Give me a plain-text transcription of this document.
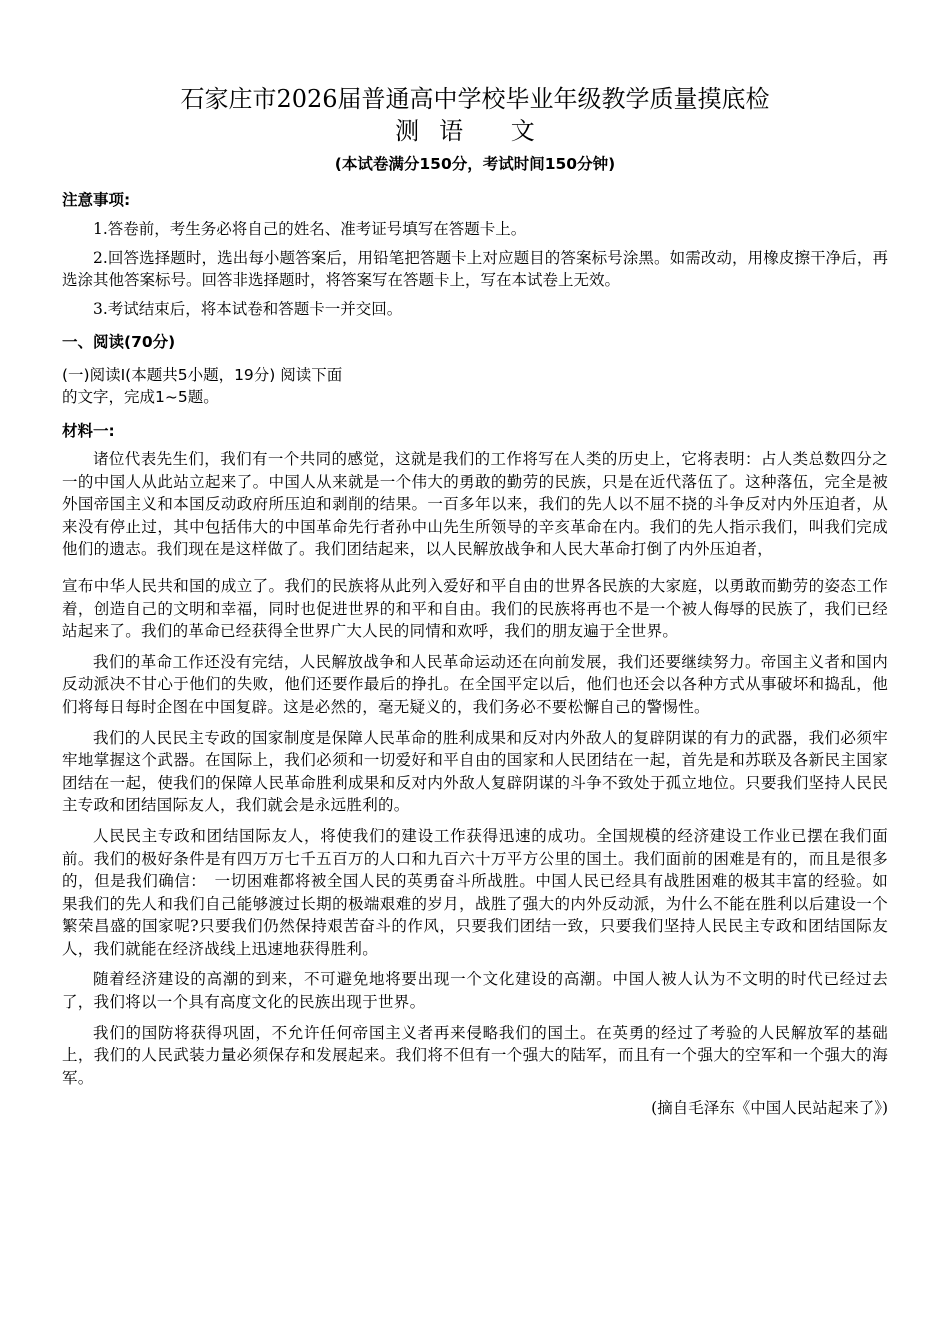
石家庄市2026届普通高中学校毕业年级教学质量摸底检
测语 文
(本试卷满分150分，考试时间150分钟)
注意事项:

1.答卷前，考生务必将自己的姓名、准考证号填写在答题卡上。

2.回答选择题时，选出每小题答案后，用铅笔把答题卡上对应题目的答案标号涂黑。如需改动，用橡皮擦干净后，再选涂其他答案标号。回答非选择题时，将答案写在答题卡上，写在本试卷上无效。

3.考试结束后，将本试卷和答题卡一并交回。

一、阅读(70分)
(一)阅读Ⅰ(本题共5小题，19分) 阅读下面的文字，完成1~5题。
材料一:

诸位代表先生们，我们有一个共同的感觉，这就是我们的工作将写在人类的历史上，它将表明：占人类总数四分之一的中国人从此站立起来了。中国人从来就是一个伟大的勇敢的勤劳的民族，只是在近代落伍了。这种落伍，完全是被外国帝国主义和本国反动政府所压迫和剥削的结果。一百多年以来，我们的先人以不屈不挠的斗争反对内外压迫者，从来没有停止过，其中包括伟大的中国革命先行者孙中山先生所领导的辛亥革命在内。我们的先人指示我们，叫我们完成他们的遗志。我们现在是这样做了。我们团结起来，以人民解放战争和人民大革命打倒了内外压迫者，

宣布中华人民共和国的成立了。我们的民族将从此列入爱好和平自由的世界各民族的大家庭，以勇敢而勤劳的姿态工作着，创造自己的文明和幸福，同时也促进世界的和平和自由。我们的民族将再也不是一个被人侮辱的民族了，我们已经站起来了。我们的革命已经获得全世界广大人民的同情和欢呼，我们的朋友遍于全世界。

我们的革命工作还没有完结，人民解放战争和人民革命运动还在向前发展，我们还要继续努力。帝国主义者和国内反动派决不甘心于他们的失败，他们还要作最后的挣扎。在全国平定以后，他们也还会以各种方式从事破坏和捣乱，他们将每日每时企图在中国复辟。这是必然的，毫无疑义的，我们务必不要松懈自己的警惕性。

我们的人民民主专政的国家制度是保障人民革命的胜利成果和反对内外敌人的复辟阴谋的有力的武器，我们必须牢牢地掌握这个武器。在国际上，我们必须和一切爱好和平自由的国家和人民团结在一起，首先是和苏联及各新民主国家团结在一起，使我们的保障人民革命胜利成果和反对内外敌人复辟阴谋的斗争不致处于孤立地位。只要我们坚持人民民主专政和团结国际友人，我们就会是永远胜利的。

人民民主专政和团结国际友人，将使我们的建设工作获得迅速的成功。全国规模的经济建设工作业已摆在我们面前。我们的极好条件是有四万万七千五百万的人口和九百六十万平方公里的国土。我们面前的困难是有的，而且是很多的，但是我们确信：　一切困难都将被全国人民的英勇奋斗所战胜。中国人民已经具有战胜困难的极其丰富的经验。如果我们的先人和我们自己能够渡过长期的极端艰难的岁月，战胜了强大的内外反动派，为什么不能在胜利以后建设一个繁荣昌盛的国家呢?只要我们仍然保持艰苦奋斗的作风，只要我们团结一致，只要我们坚持人民民主专政和团结国际友人，我们就能在经济战线上迅速地获得胜利。

随着经济建设的高潮的到来，不可避免地将要出现一个文化建设的高潮。中国人被人认为不文明的时代已经过去了，我们将以一个具有高度文化的民族出现于世界。

我们的国防将获得巩固，不允许任何帝国主义者再来侵略我们的国土。在英勇的经过了考验的人民解放军的基础上，我们的人民武装力量必须保存和发展起来。我们将不但有一个强大的陆军，而且有一个强大的空军和一个强大的海军。

(摘自毛泽东《中国人民站起来了》)
